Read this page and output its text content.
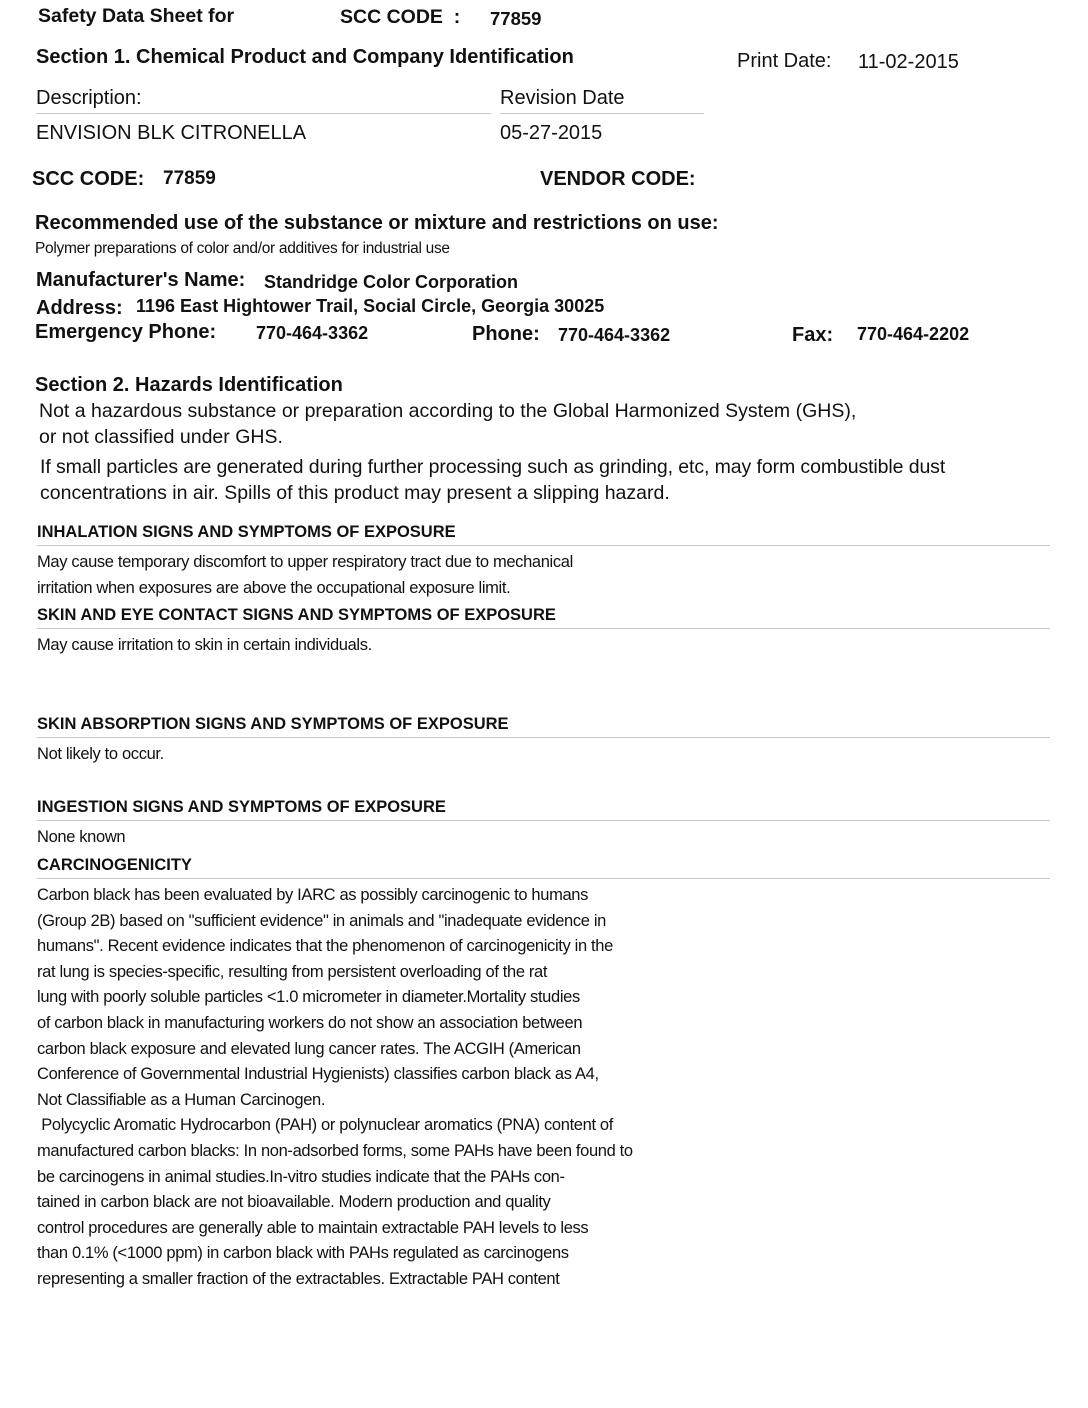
Safety Data Sheet for	SCC CODE  : 77859
Section 1. Chemical Product and Company Identification	Print Date: 11-02-2015
Description:	Revision Date
ENVISION BLK CITRONELLA	05-27-2015
SCC CODE: 77859	VENDOR CODE:
Recommended use of the substance or mixture and restrictions on use:
Polymer preparations of color and/or additives for industrial use
Manufacturer's Name: Standridge Color Corporation
Address: 1196 East Hightower Trail, Social Circle, Georgia 30025
Emergency Phone: 770-464-3362	Phone: 770-464-3362	Fax: 770-464-2202
Section 2. Hazards Identification
Not a hazardous substance or preparation according to the Global Harmonized System (GHS),
or not classified under GHS.
If small particles are generated during further processing such as grinding, etc, may form combustible dust
concentrations in air. Spills of this product may present a slipping hazard.
INHALATION SIGNS AND SYMPTOMS OF EXPOSURE
May cause temporary discomfort to upper respiratory tract due to mechanical
irritation when exposures are above the occupational exposure limit.
SKIN AND EYE CONTACT SIGNS AND SYMPTOMS OF EXPOSURE
May cause irritation to skin in certain individuals.
SKIN ABSORPTION SIGNS AND SYMPTOMS OF EXPOSURE
Not likely to occur.
INGESTION SIGNS AND SYMPTOMS OF EXPOSURE
None known
CARCINOGENICITY
Carbon black has been evaluated by IARC as possibly carcinogenic to humans
(Group 2B) based on "sufficient evidence" in animals and "inadequate evidence in
humans". Recent evidence indicates that the phenomenon of carcinogenicity in the
rat lung is species-specific, resulting from persistent overloading of the rat
lung with poorly soluble particles <1.0 micrometer in diameter.Mortality studies
of carbon black in manufacturing workers do not show an association between
carbon black exposure and elevated lung cancer rates. The ACGIH (American
Conference of Governmental Industrial Hygienists) classifies carbon black as A4,
Not Classifiable as a Human Carcinogen.
Polycyclic Aromatic Hydrocarbon (PAH) or polynuclear aromatics (PNA) content of
manufactured carbon blacks: In non-adsorbed forms, some PAHs have been found to
be carcinogens in animal studies.In-vitro studies indicate that the PAHs con-
tained in carbon black are not bioavailable. Modern production and quality
control procedures are generally able to maintain extractable PAH levels to less
than 0.1% (<1000 ppm) in carbon black with PAHs regulated as carcinogens
representing a smaller fraction of the extractables. Extractable PAH content
